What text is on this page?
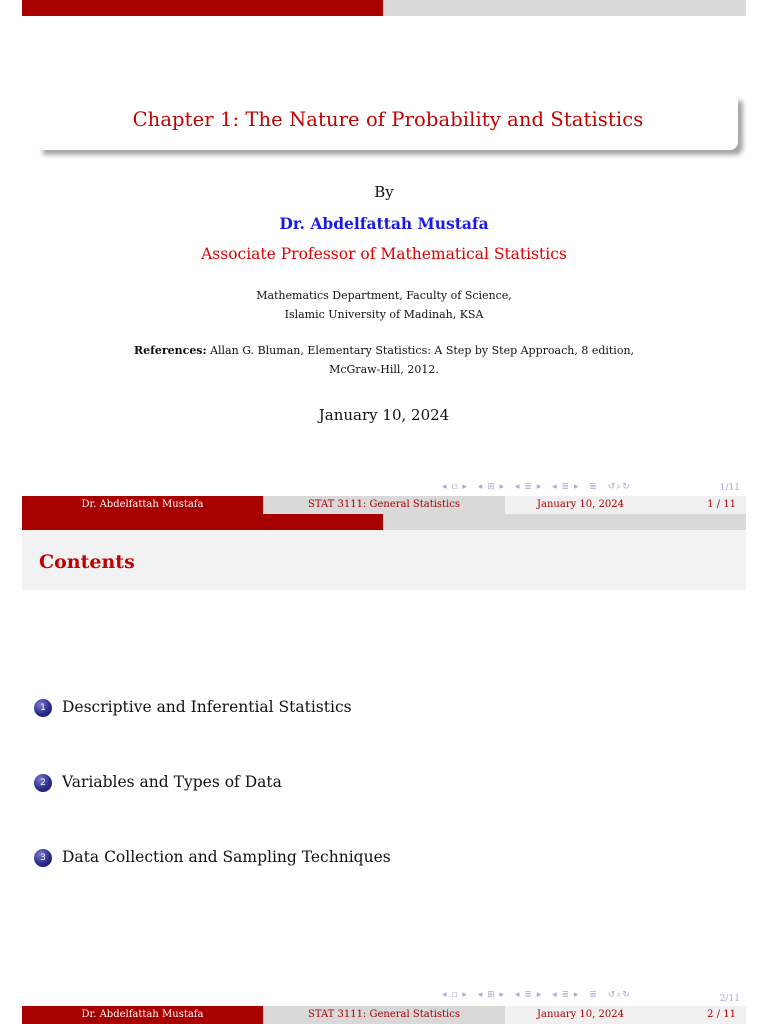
Chapter 1: The Nature of Probability and Statistics
By
Dr. Abdelfattah Mustafa
Associate Professor of Mathematical Statistics
Mathematics Department, Faculty of Science,
Islamic University of Madinah, KSA
References: Allan G. Bluman, Elementary Statistics: A Step by Step Approach, 8 edition,
McGraw-Hill, 2012.
January 10, 2024
◂ ▫ ▸ ◂ ⊞ ▸ ◂ ≣ ▸ ◂ ≣ ▸ ≣ ↺⌕↻	1/11
Dr. Abdelfattah Mustafa	STAT 3111: General Statistics	January 10, 2024	1 / 11
Contents
1	Descriptive and Inferential Statistics
2	Variables and Types of Data
3	Data Collection and Sampling Techniques
◂ ▫ ▸ ◂ ⊞ ▸ ◂ ≣ ▸ ◂ ≣ ▸ ≣ ↺⌕↻	2/11
Dr. Abdelfattah Mustafa	STAT 3111: General Statistics	January 10, 2024	2 / 11
